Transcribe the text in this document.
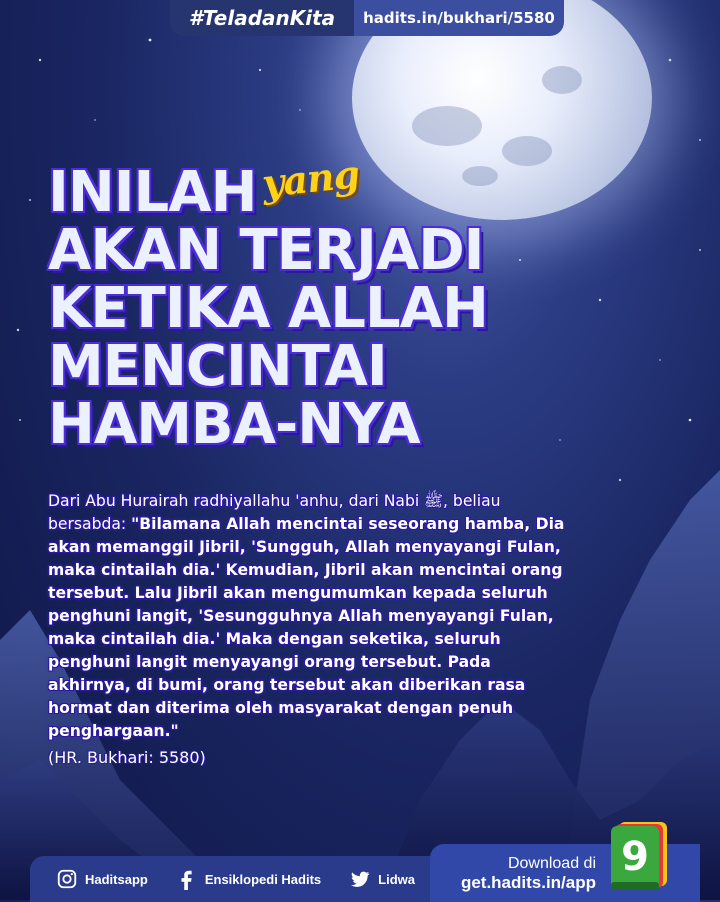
#TeladanKita	hadits.in/bukhari/5580
INILAH yang
AKAN TERJADI
KETIKA ALLAH
MENCINTAI
HAMBA-NYA
Dari Abu Hurairah radhiyallahu 'anhu, dari Nabi ﷺ, beliau bersabda: "Bilamana Allah mencintai seseorang hamba, Dia akan memanggil Jibril, 'Sungguh, Allah menyayangi Fulan, maka cintailah dia.' Kemudian, Jibril akan mencintai orang tersebut. Lalu Jibril akan mengumumkan kepada seluruh penghuni langit, 'Sesungguhnya Allah menyayangi Fulan, maka cintailah dia.' Maka dengan seketika, seluruh penghuni langit menyayangi orang tersebut. Pada akhirnya, di bumi, orang tersebut akan diberikan rasa hormat dan diterima oleh masyarakat dengan penuh penghargaan."
(HR. Bukhari: 5580)
Haditsapp	Ensiklopedi Hadits	Lidwa
Download di
get.hadits.in/app
9
